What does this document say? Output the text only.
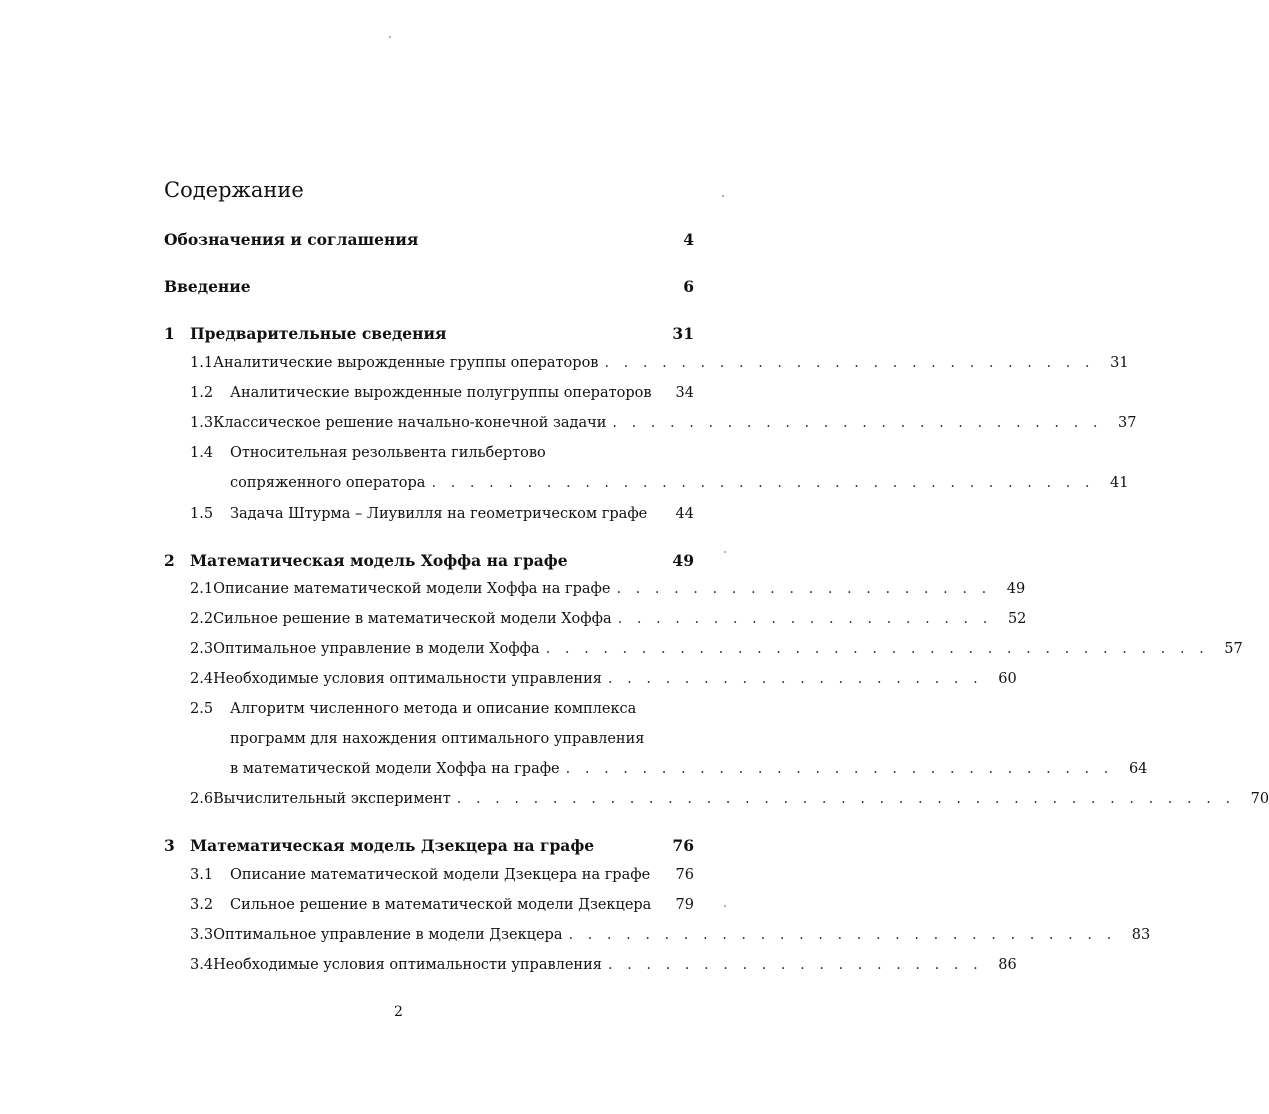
Содержание
Обозначения и соглашения	4
Введение	6
1 Предварительные сведения	31
1.1 Аналитические вырожденные группы операторов . . . . . . . . . . . . . . . . . . . . . . . . . .	31
1.2	Аналитические вырожденные полугруппы операторов	34
1.3 Классическое решение начально-конечной задачи . . . . . . . . . . . . . . . . . . . . . . . . . .	37
1.4	Относительная резольвента гильбертово
сопряженного оператора . . . . . . . . . . . . . . . . . . . . . . . . . . . . . . . . . . .	41
1.5	Задача Штурма – Лиувилля на геометрическом графе	44
2 Математическая модель Хоффа на графе	49
2.1 Описание математической модели Хоффа на графе . . . . . . . . . . . . . . . . . . . .	49
2.2 Сильное решение в математической модели Хоффа . . . . . . . . . . . . . . . . . . . .	52
2.3 Оптимальное управление в модели Хоффа . . . . . . . . . . . . . . . . . . . . . . . . . . . . . . . . . . .	57
2.4 Необходимые условия оптимальности управления . . . . . . . . . . . . . . . . . . . .	60
2.5	Алгоритм численного метода и описание комплекса
программ для нахождения оптимального управления
в математической модели Хоффа на графе . . . . . . . . . . . . . . . . . . . . . . . . . . . . .	64
2.6 Вычислительный эксперимент . . . . . . . . . . . . . . . . . . . . . . . . . . . . . . . . . . . . . . . . .	70
3 Математическая модель Дзекцера на графе	76
3.1	Описание математической модели Дзекцера на графе	76
3.2	Сильное решение в математической модели Дзекцера	79
3.3 Оптимальное управление в модели Дзекцера . . . . . . . . . . . . . . . . . . . . . . . . . . . . .	83
3.4 Необходимые условия оптимальности управления . . . . . . . . . . . . . . . . . . . .	86
2
